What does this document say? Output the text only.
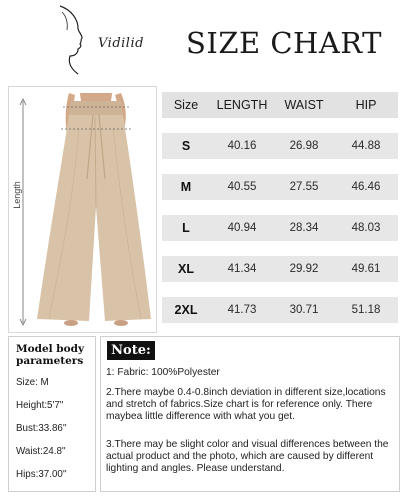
Vidilid SIZE CHART
Length
Size	LENGTH	WAIST	HIP
S	40.16	26.98	44.88
M	40.55	27.55	46.46
L	40.94	28.34	48.03
XL	41.34	29.92	49.61
2XL	41.73	30.71	51.18
Model body parameters
Size: M
Height:5'7''
Bust:33.86''
Waist:24.8''
Hips:37.00''
Note:
1: Fabric: 100%Polyester
2.There maybe 0.4-0.8inch deviation in different size,locations and stretch of fabrics.Size chart is for reference only. There maybea little difference with what you get.
3.There may be slight color and visual differences between the actual product and the photo, which are caused by different lighting and angles. Please understand.
